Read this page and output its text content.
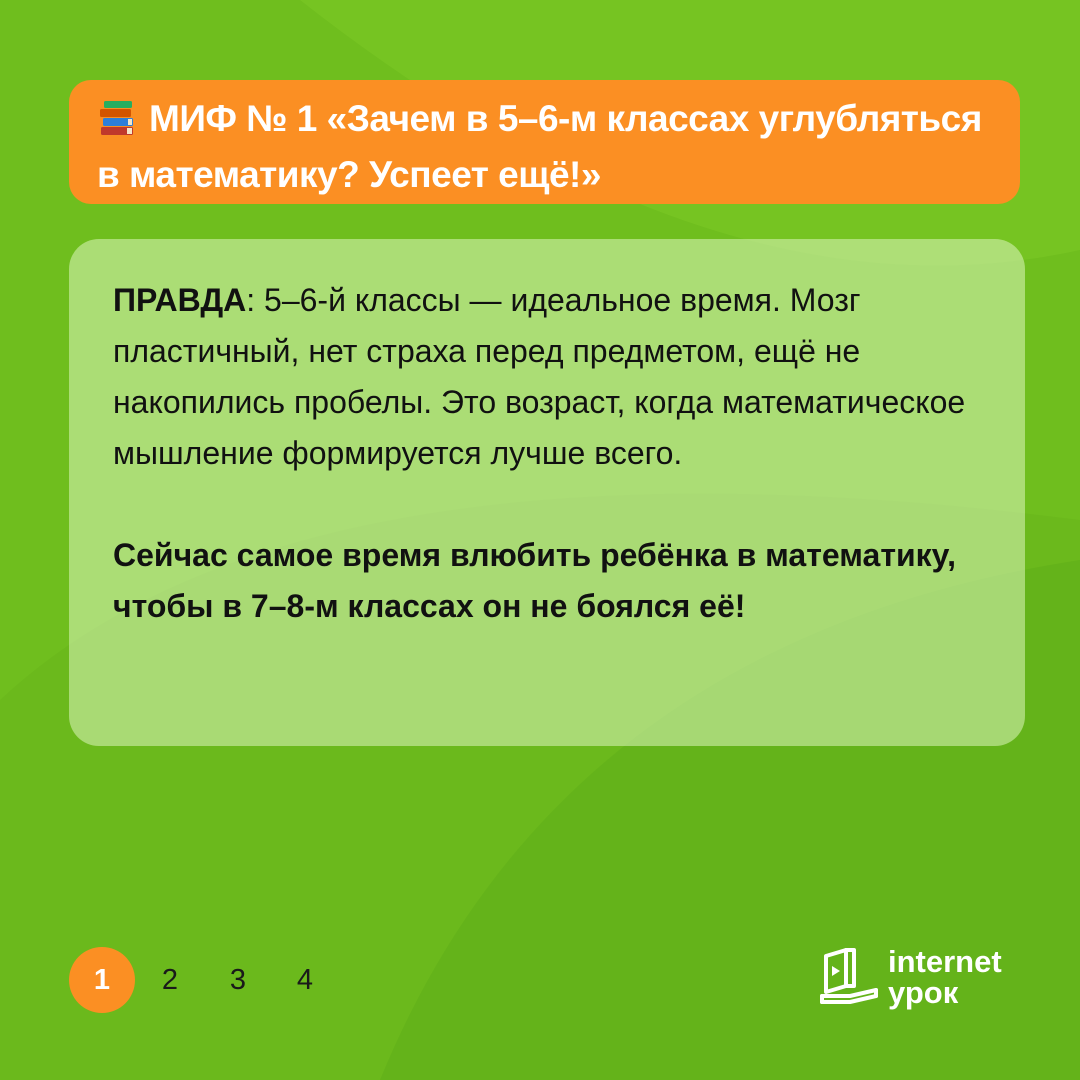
МИФ № 1 «Зачем в 5–6-м классах углубляться в математику? Успеет ещё!»

ПРАВДА: 5–6-й классы — идеальное время. Мозг пластичный, нет страха перед предметом, ещё не накопились пробелы. Это возраст, когда математическое мышление формируется лучше всего.

Сейчас самое время влюбить ребёнка в математику, чтобы в 7–8-м классах он не боялся её!

1	2	3	4
internet
урок
